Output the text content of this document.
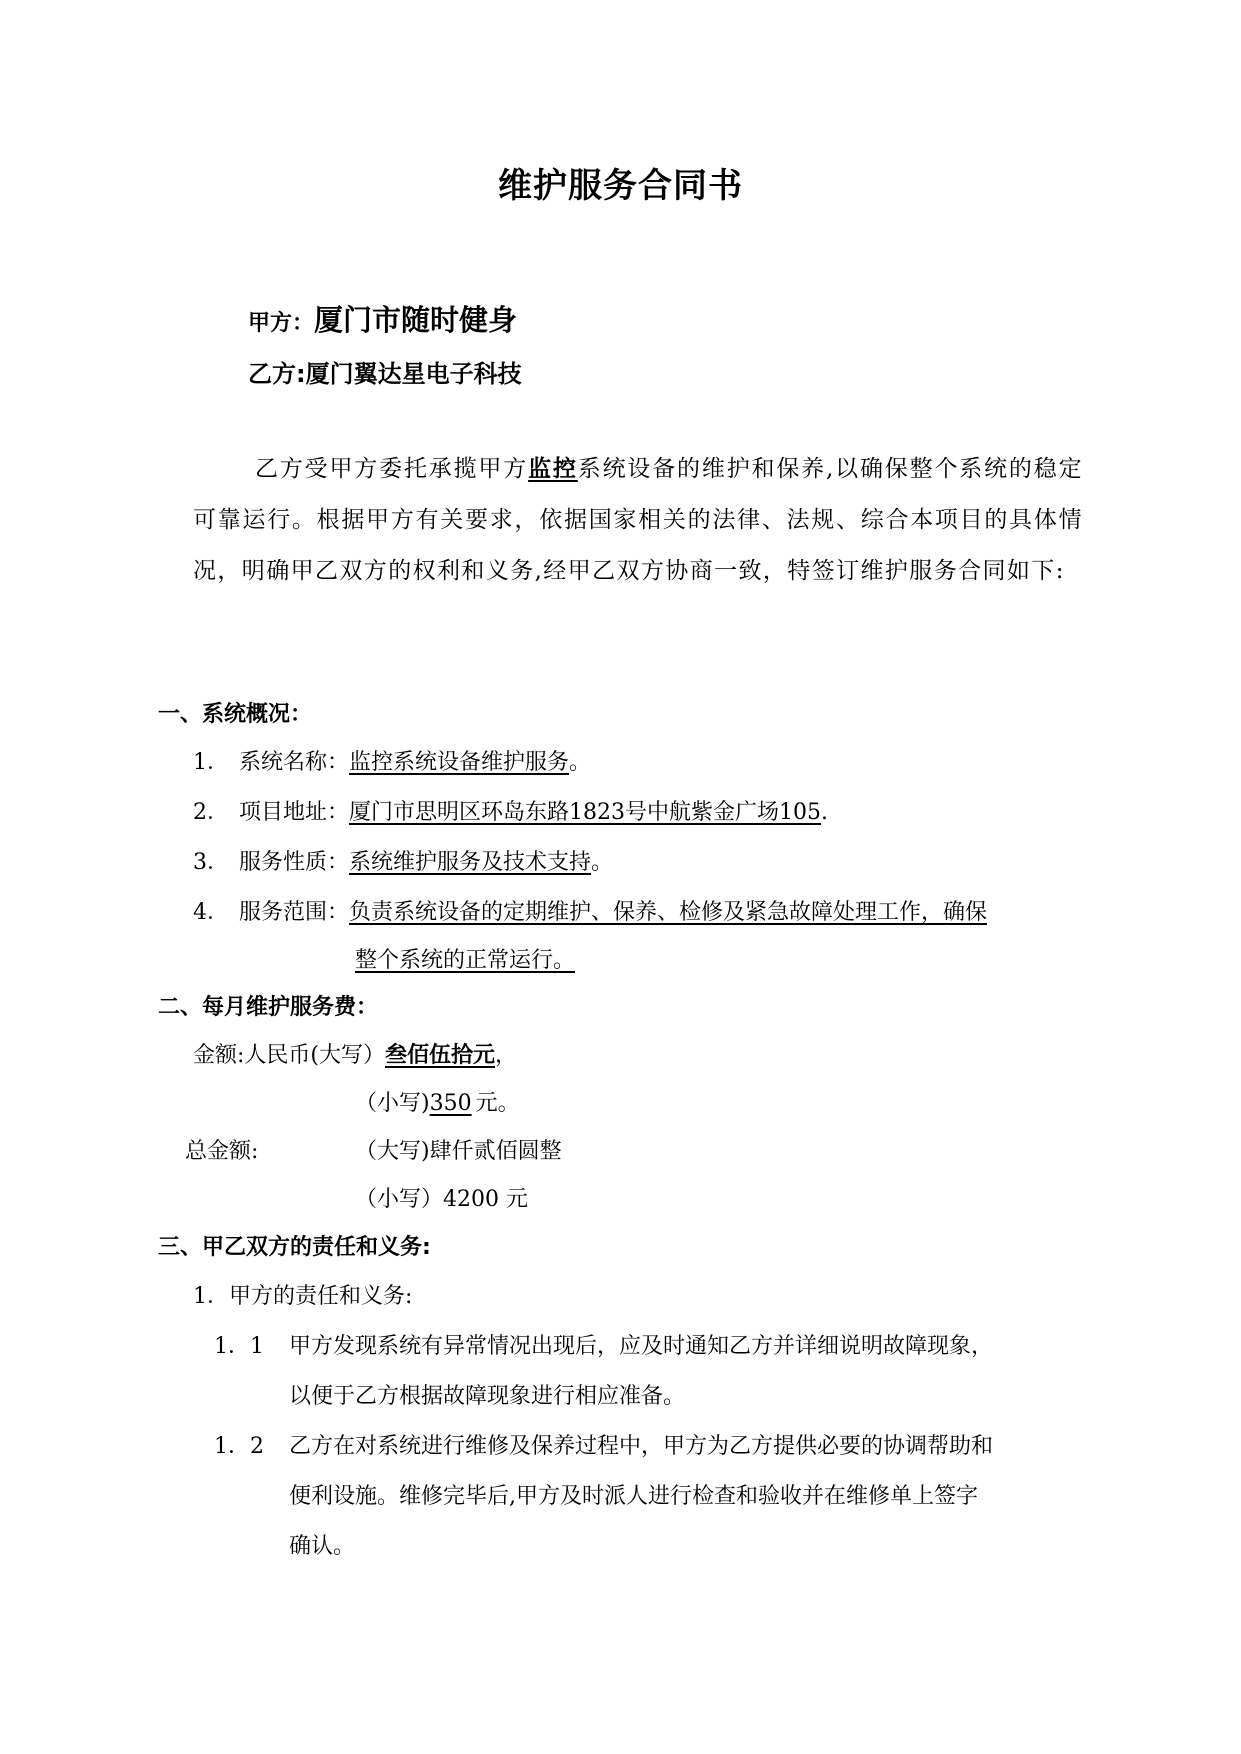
维护服务合同书
甲方：厦门市随时健身
乙方:厦门翼达星电子科技
乙方受甲方委托承揽甲方监控系统设备的维护和保养,以确保整个系统的稳定可靠运行。根据甲方有关要求，依据国家相关的法律、法规、综合本项目的具体情况，明确甲乙双方的权利和义务,经甲乙双方协商一致，特签订维护服务合同如下:
一、系统概况：
1． 系统名称：监控系统设备维护服务。
2． 项目地址：厦门市思明区环岛东路1823号中航紫金广场105.
3． 服务性质：系统维护服务及技术支持。
4． 服务范围：负责系统设备的定期维护、保养、检修及紧急故障处理工作，确保
整个系统的正常运行。
二、每月维护服务费：
金额:人民币(大写）叁佰伍拾元，
（小写)350 元。
总金额:	（大写)肆仟贰佰圆整
（小写）4200 元
三、甲乙双方的责任和义务:
1．甲方的责任和义务:
1．1 甲方发现系统有异常情况出现后，应及时通知乙方并详细说明故障现象，
以便于乙方根据故障现象进行相应准备。
1．2 乙方在对系统进行维修及保养过程中，甲方为乙方提供必要的协调帮助和
便利设施。维修完毕后,甲方及时派人进行检查和验收并在维修单上签字
确认。
